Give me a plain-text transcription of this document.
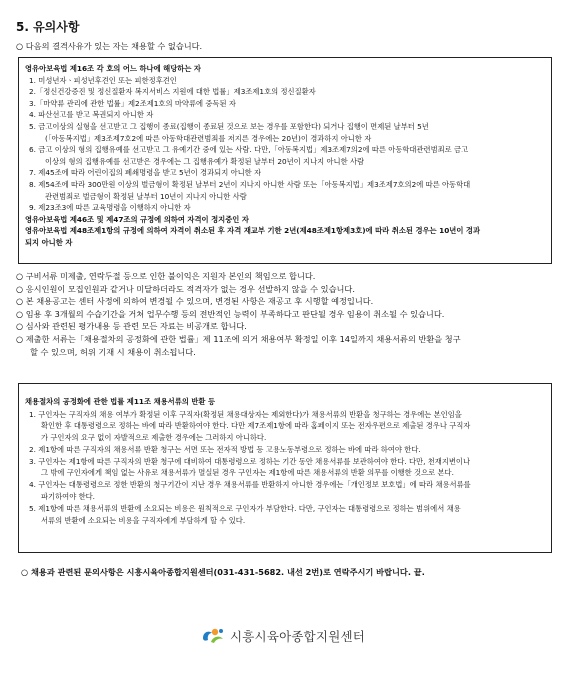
5. 유의사항
○ 다음의 결격사유가 있는 자는 채용할 수 없습니다.
영유아보육법 제16조 각 호의 어느 하나에 해당하는 자
1. 미성년자ㆍ피성년후견인 또는 피한정후견인
2.「정신건강증진 및 정신질환자 복지서비스 지원에 대한 법률」제3조제1호의 정신질환자
3.「마약류 관리에 관한 법률」제2조제1호의 마약류에 중독된 자
4. 파산선고를 받고 복권되지 아니한 자
5. 금고이상의 실형을 선고받고 그 집행이 종료(집행이 종료된 것으로 보는 경우를 포함한다) 되거나 집행이 면제된 날부터 5년
(「아동복지법」제3조제7호2에 따른 아동학대관련범죄를 저지른 경우에는 20년)이 경과하지 아니한 자
6. 금고 이상의 형의 집행유예를 선고받고 그 유예기간 중에 있는 사람. 다만,「아동복지법」제3조제7의2에 따른 아동학대관련범죄로 금고
이상의 형의 집행유예를 선고받은 경우에는 그 집행유예가 확정된 날부터 20년이 지나지 아니한 사람
7. 제45조에 따라 어린이집의 폐쇄명령을 받고 5년이 경과되지 아니한 자
8. 제54조에 따라 300만원 이상의 벌금형이 확정된 날부터 2년이 지나지 아니한 사람 또는「아동복지법」제3조제7호의2에 따른 아동학대
관련범죄로 벌금형이 확정된 날부터 10년이 지나지 아니한 사람
9. 제23조3에 따른 교육명령을 이행하지 아니한 자
영유아보육법 제46조 및 제47조의 규정에 의하여 자격이 정지중인 자
영유아보육법 제48조제1항의 규정에 의하여 자격이 취소된 후 자격 재교부 기한 2년(제48조제1항제3호)에 따라 취소된 경우는 10년이 경과
되지 아니한 자
○ 구비서류 미제출, 연락두절 등으로 인한 불이익은 지원자 본인의 책임으로 합니다.
○ 응시인원이 모집인원과 같거나 미달하더라도 적격자가 없는 경우 선발하지 않을 수 있습니다.
○ 본 채용공고는 센터 사정에 의하여 변경될 수 있으며, 변경된 사항은 재공고 후 시행할 예정입니다.
○ 임용 후 3개월의 수습기간을 거쳐 업무수행 등의 전반적인 능력이 부족하다고 판단될 경우 임용이 취소될 수 있습니다.
○ 심사와 관련된 평가내용 등 관련 모든 자료는 비공개로 합니다.
○ 제출한 서류는「채용절차의 공정화에 관한 법률」제 11조에 의거 채용여부 확정일 이후 14일까지 채용서류의 반환을 청구
할 수 있으며, 허위 기재 시 채용이 취소됩니다.
채용절차의 공정화에 관한 법률 제11조 채용서류의 반환 등
1. 구인자는 구직자의 채용 여부가 확정된 이후 구직자(확정된 채용대상자는 제외한다)가 채용서류의 반환을 청구하는 경우에는 본인임을
확인한 후 대통령령으로 정하는 바에 따라 반환하여야 한다. 다만 제7조제1항에 따라 홈페이지 또는 전자우편으로 제출된 경우나 구직자
가 구인자의 요구 없이 자발적으로 제출한 경우에는 그러하지 아니하다.
2. 제1항에 따른 구직자의 채용서류 반환 청구는 서면 또는 전자적 방법 등 고용노동부령으로 정하는 바에 따라 하여야 한다.
3. 구인자는 제1항에 따른 구직자의 반환 청구에 대비하여 대통령령으로 정하는 기간 동안 채용서류를 보관하여야 한다. 다만, 천재지변이나
그 밖에 구인자에게 책임 없는 사유로 채용서류가 멸실된 경우 구인자는 제1항에 따른 채용서류의 반환 의무를 이행한 것으로 본다.
4. 구인자는 대통령령으로 정한 반환의 청구기간이 지난 경우 채용서류를 반환하지 아니한 경우에는「개인정보 보호법」에 따라 채용서류를
파기하여야 한다.
5. 제1항에 따른 채용서류의 반환에 소요되는 비용은 원칙적으로 구인자가 부담한다. 다만, 구인자는 대통령령으로 정하는 범위에서 채용
서류의 반환에 소요되는 비용을 구직자에게 부담하게 할 수 있다.
○ 채용과 관련된 문의사항은 시흥시육아종합지원센터(031-431-5682. 내선 2번)로 연락주시기 바랍니다. 끝.
시흥시육아종합지원센터
